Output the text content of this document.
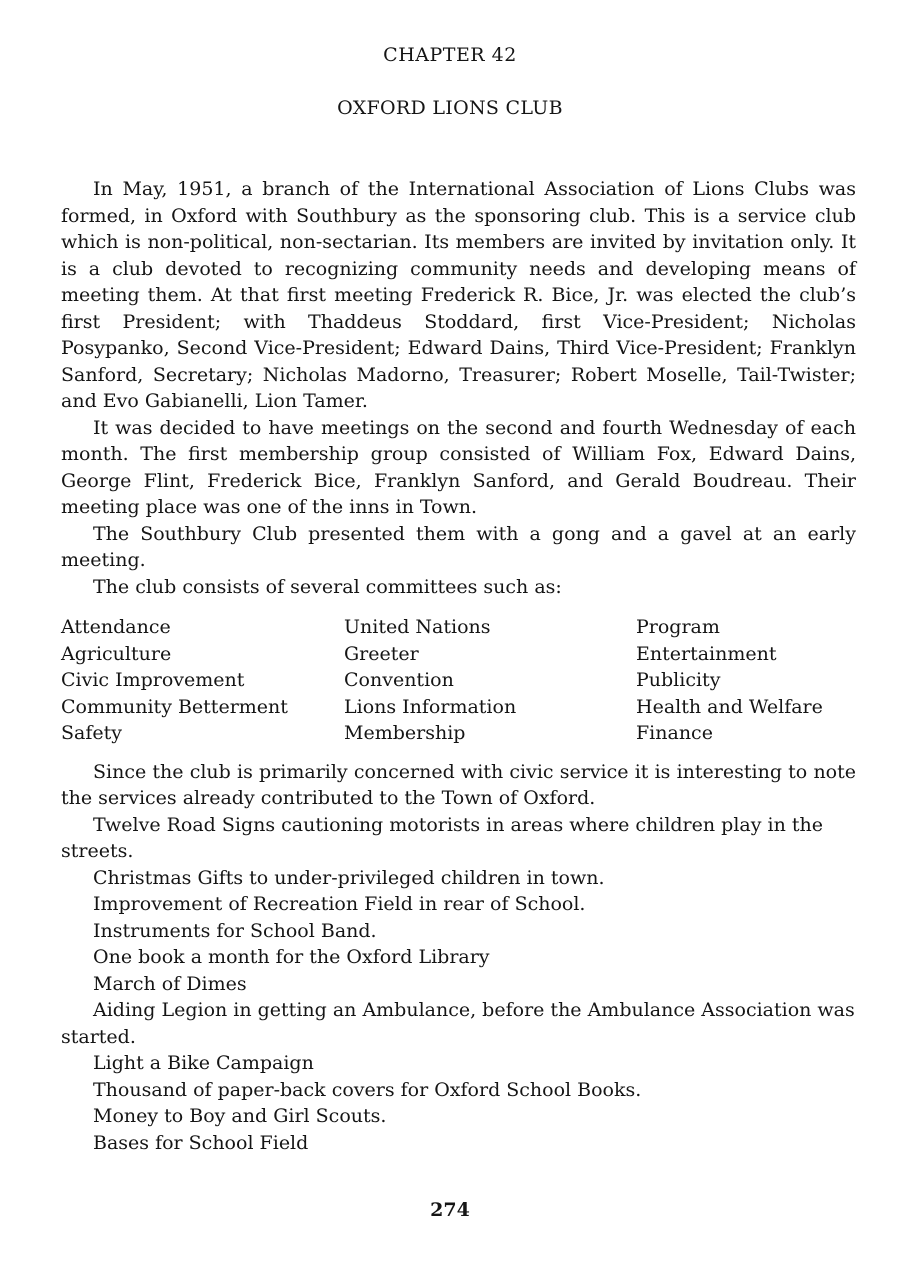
CHAPTER 42
OXFORD LIONS CLUB

In May, 1951, a branch of the International Association of Lions Clubs was formed, in Oxford with Southbury as the sponsoring club. This is a service club which is non-political, non-sectarian. Its members are invited by invitation only. It is a club devoted to recognizing community needs and developing means of meeting them. At that first meeting Frederick R. Bice, Jr. was elected the club’s first President; with Thaddeus Stoddard, first Vice-President; Nicholas Posypanko, Second Vice-President; Edward Dains, Third Vice-President; Franklyn Sanford, Secretary; Nicholas Madorno, Treasurer; Robert Moselle, Tail-Twister; and Evo Gabianelli, Lion Tamer.

It was decided to have meetings on the second and fourth Wednesday of each month. The first membership group consisted of William Fox, Edward Dains, George Flint, Frederick Bice, Franklyn Sanford, and Gerald Boudreau. Their meeting place was one of the inns in Town.

The Southbury Club presented them with a gong and a gavel at an early meeting.

The club consists of several committees such as:

Attendance
Agriculture
Civic Improvement
Community Betterment
Safety
United Nations
Greeter
Convention
Lions Information
Membership
Program
Entertainment
Publicity
Health and Welfare
Finance

Since the club is primarily concerned with civic service it is interesting to note the services already contributed to the Town of Oxford.

Twelve Road Signs cautioning motorists in areas where children play in the streets.

Christmas Gifts to under-privileged children in town.

Improvement of Recreation Field in rear of School.

Instruments for School Band.

One book a month for the Oxford Library

March of Dimes

Aiding Legion in getting an Ambulance, before the Ambulance Association was started.

Light a Bike Campaign

Thousand of paper-back covers for Oxford School Books.

Money to Boy and Girl Scouts.

Bases for School Field

274
